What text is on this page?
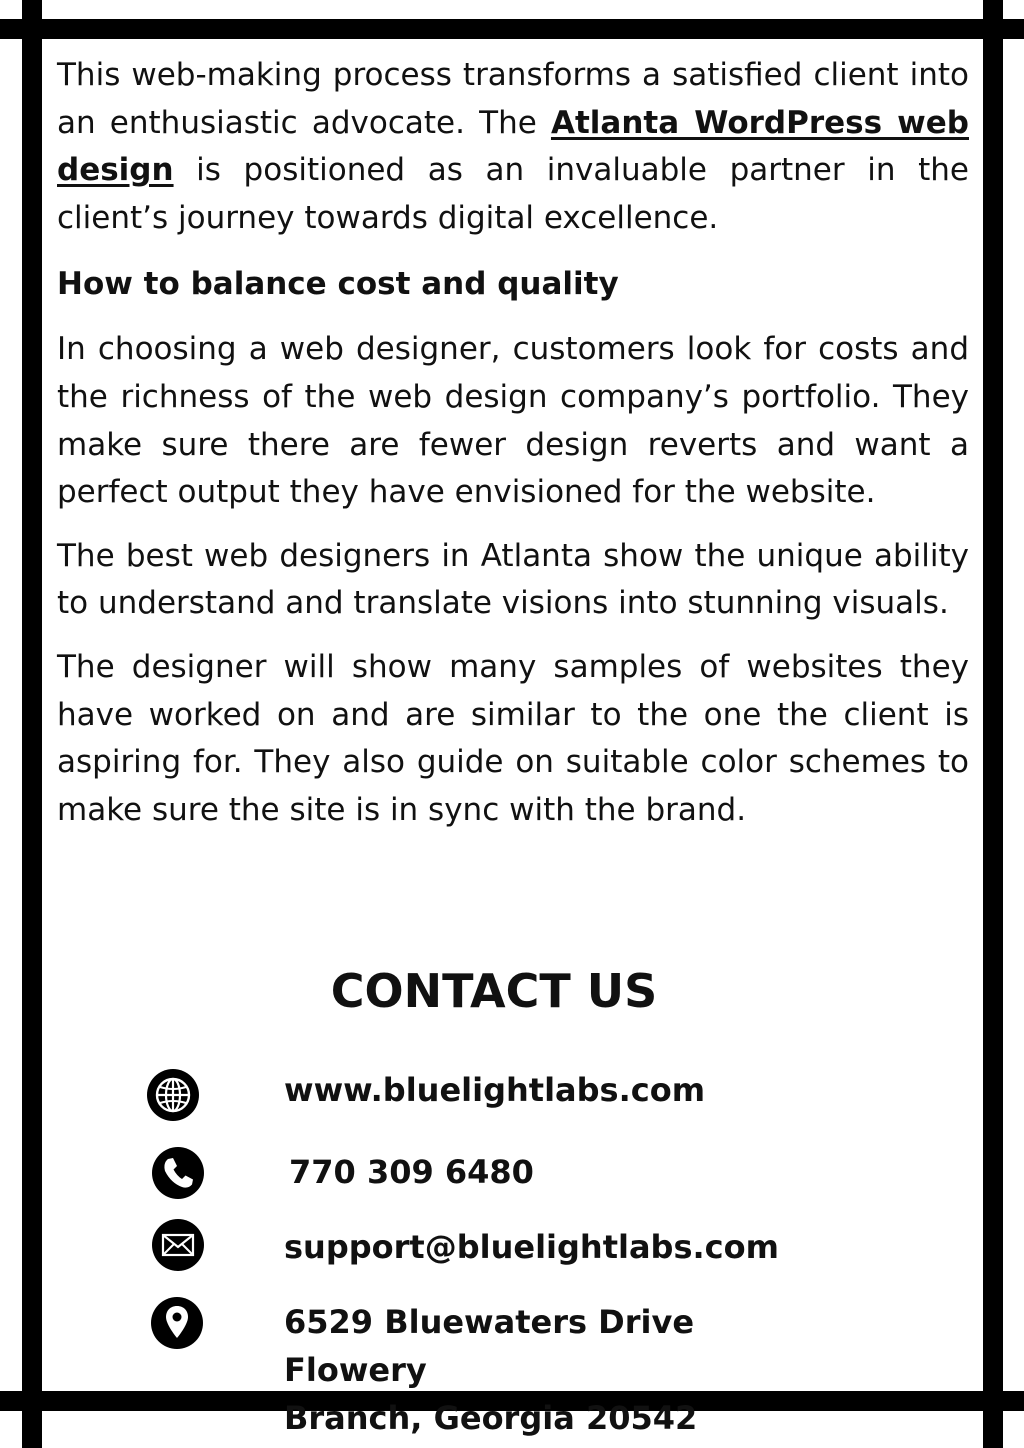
This web-making process transforms a satisfied client into an enthusiastic advocate. The Atlanta WordPress web design is positioned as an invaluable partner in the client’s journey towards digital excellence.

How to balance cost and quality

In choosing a web designer, customers look for costs and the richness of the web design company’s portfolio. They make sure there are fewer design reverts and want a perfect output they have envisioned for the website.

The best web designers in Atlanta show the unique ability to understand and translate visions into stunning visuals.

The designer will show many samples of websites they have worked on and are similar to the one the client is aspiring for. They also guide on suitable color schemes to make sure the site is in sync with the brand.

CONTACT US
www.bluelightlabs.com
770 309 6480
support@bluelightlabs.com
6529 Bluewaters Drive Flowery
Branch, Georgia 20542
